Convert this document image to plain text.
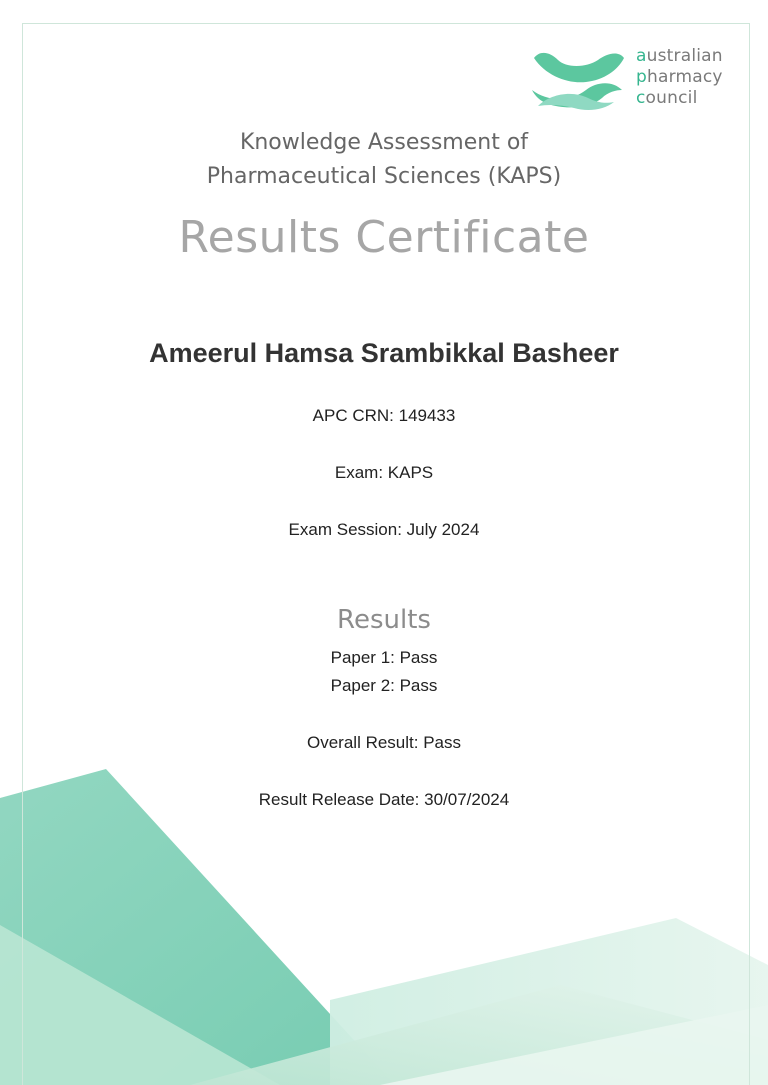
australian
pharmacy
council
Knowledge Assessment of
Pharmaceutical Sciences (KAPS)
Results Certificate
Ameerul Hamsa Srambikkal Basheer
APC CRN: 149433
Exam: KAPS
Exam Session: July 2024
Results
Paper 1: Pass
Paper 2: Pass
Overall Result: Pass
Result Release Date: 30/07/2024
